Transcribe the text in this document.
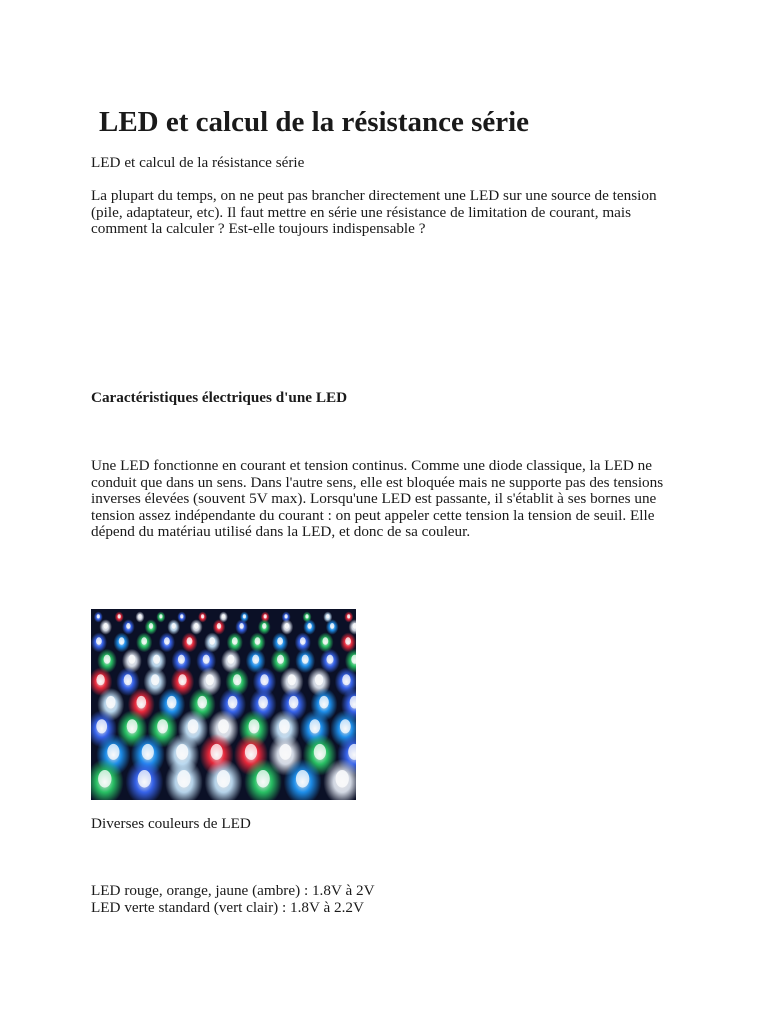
LED et calcul de la résistance série

LED et calcul de la résistance série

La plupart du temps, on ne peut pas brancher directement une LED sur une source de tension (pile, adaptateur, etc). Il faut mettre en série une résistance de limitation de courant, mais comment la calculer ? Est-elle toujours indispensable ?

Caractéristiques électriques d'une LED

Une LED fonctionne en courant et tension continus. Comme une diode classique, la LED ne conduit que dans un sens. Dans l'autre sens, elle est bloquée mais ne supporte pas des tensions inverses élevées (souvent 5V max). Lorsqu'une LED est passante, il s'établit à ses bornes une tension assez indépendante du courant : on peut appeler cette tension la tension de seuil. Elle dépend du matériau utilisé dans la LED, et donc de sa couleur.

Diverses couleurs de LED

LED rouge, orange, jaune (ambre) : 1.8V à 2V

LED verte standard (vert clair) : 1.8V à 2.2V
